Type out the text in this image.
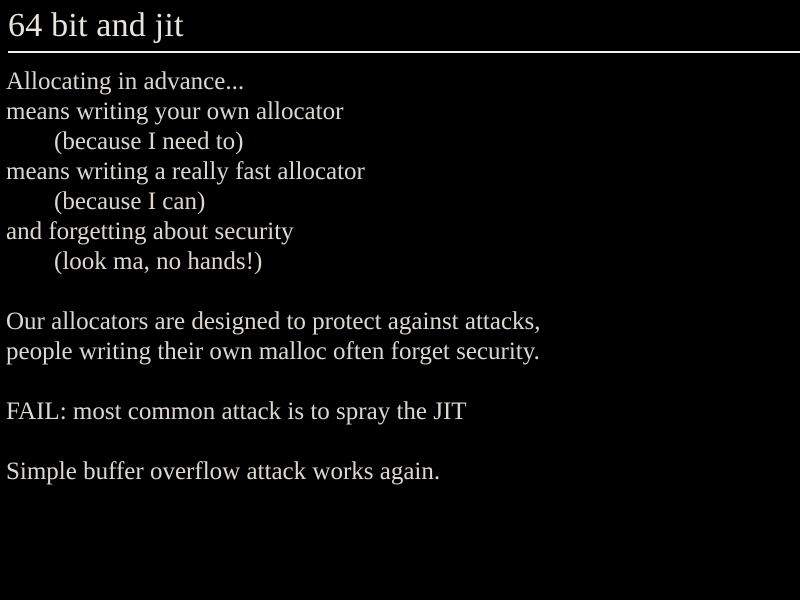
64 bit and jit
Allocating in advance...
means writing your own allocator
(because I need to)
means writing a really fast allocator
(because I can)
and forgetting about security
(look ma, no hands!)
Our allocators are designed to protect against attacks,
people writing their own malloc often forget security.
FAIL: most common attack is to spray the JIT
Simple buffer overflow attack works again.
